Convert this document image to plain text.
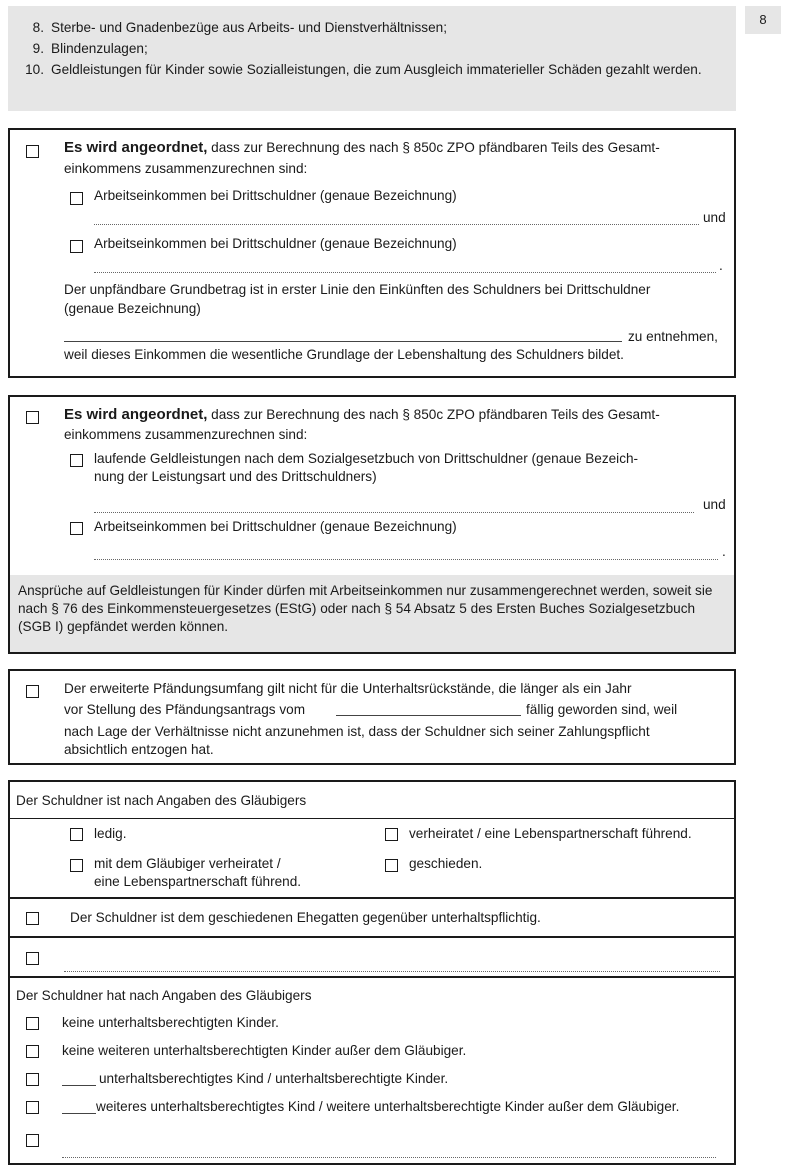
8
8. Sterbe- und Gnadenbezüge aus Arbeits- und Dienstverhältnissen;
9. Blindenzulagen;
10. Geldleistungen für Kinder sowie Sozialleistungen, die zum Ausgleich immaterieller Schäden gezahlt werden.
Es wird angeordnet, dass zur Berechnung des nach § 850c ZPO pfändbaren Teils des Gesamt-
einkommens zusammenzurechnen sind:
Arbeitseinkommen bei Drittschuldner (genaue Bezeichnung)
und
Arbeitseinkommen bei Drittschuldner (genaue Bezeichnung)
.
Der unpfändbare Grundbetrag ist in erster Linie den Einkünften des Schuldners bei Drittschuldner
(genaue Bezeichnung)
zu entnehmen,
weil dieses Einkommen die wesentliche Grundlage der Lebenshaltung des Schuldners bildet.
Es wird angeordnet, dass zur Berechnung des nach § 850c ZPO pfändbaren Teils des Gesamt-
einkommens zusammenzurechnen sind:
laufende Geldleistungen nach dem Sozialgesetzbuch von Drittschuldner (genaue Bezeich-
nung der Leistungsart und des Drittschuldners)
und
Arbeitseinkommen bei Drittschuldner (genaue Bezeichnung)
.
Ansprüche auf Geldleistungen für Kinder dürfen mit Arbeitseinkommen nur zusammengerechnet werden, soweit sie nach § 76 des Einkommensteuergesetzes (EStG) oder nach § 54 Absatz 5 des Ersten Buches Sozialgesetzbuch (SGB I) gepfändet werden können.
Der erweiterte Pfändungsumfang gilt nicht für die Unterhaltsrückstände, die länger als ein Jahr
vor Stellung des Pfändungsantrags vom	fällig geworden sind, weil
nach Lage der Verhältnisse nicht anzunehmen ist, dass der Schuldner sich seiner Zahlungspflicht
absichtlich entzogen hat.
Der Schuldner ist nach Angaben des Gläubigers
ledig.	verheiratet / eine Lebenspartnerschaft führend.
mit dem Gläubiger verheiratet /
eine Lebenspartnerschaft führend.
geschieden.
Der Schuldner ist dem geschiedenen Ehegatten gegenüber unterhaltspflichtig.
Der Schuldner hat nach Angaben des Gläubigers
keine unterhaltsberechtigten Kinder.
keine weiteren unterhaltsberechtigten Kinder außer dem Gläubiger.
unterhaltsberechtigtes Kind / unterhaltsberechtigte Kinder.
weiteres unterhaltsberechtigtes Kind / weitere unterhaltsberechtigte Kinder außer dem Gläubiger.
